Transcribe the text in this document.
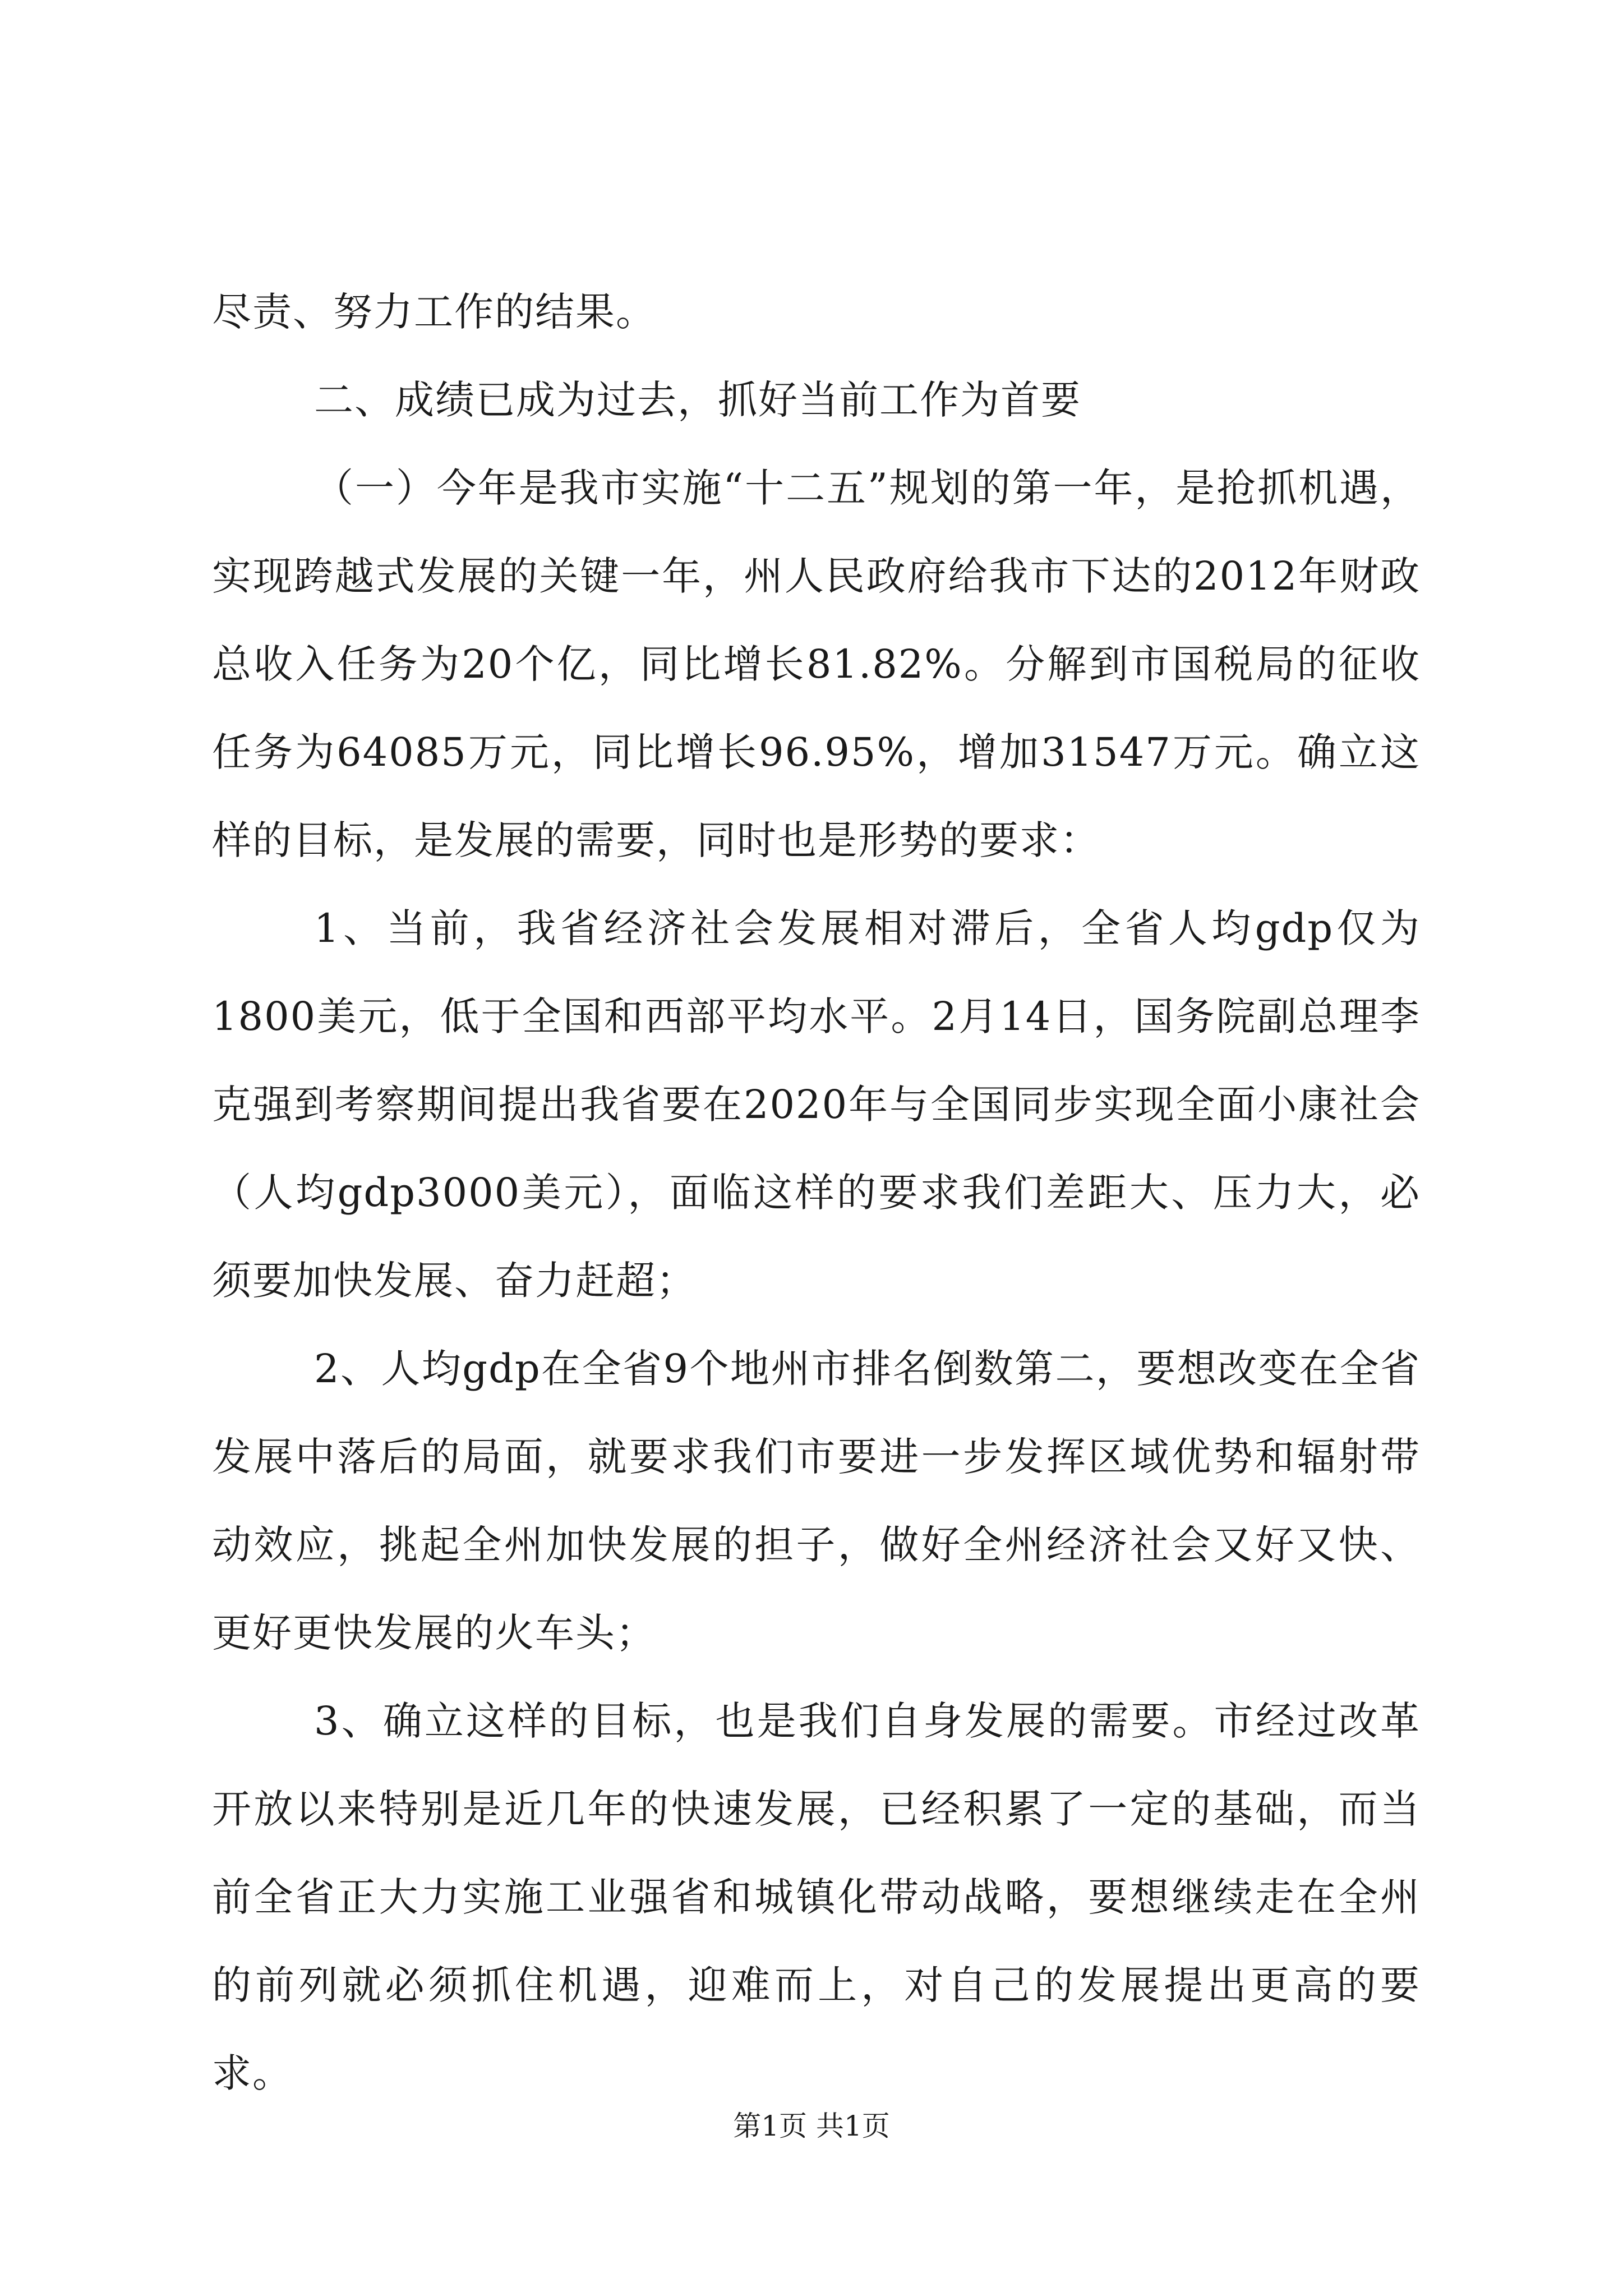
尽责、努力工作的结果。

二、成绩已成为过去，抓好当前工作为首要

（一）今年是我市实施“十二五”规划的第一年，是抢抓机遇，实现跨越式发展的关键一年，州人民政府给我市下达的2012年财政总收入任务为20个亿，同比增长81.82%。分解到市国税局的征收任务为64085万元，同比增长96.95%，增加31547万元。确立这样的目标，是发展的需要，同时也是形势的要求：

1、当前，我省经济社会发展相对滞后，全省人均gdp仅为1800美元，低于全国和西部平均水平。2月14日，国务院副总理李克强到考察期间提出我省要在2020年与全国同步实现全面小康社会（人均gdp3000美元），面临这样的要求我们差距大、压力大，必须要加快发展、奋力赶超；

2、人均gdp在全省9个地州市排名倒数第二，要想改变在全省发展中落后的局面，就要求我们市要进一步发挥区域优势和辐射带动效应，挑起全州加快发展的担子，做好全州经济社会又好又快、更好更快发展的火车头；

3、确立这样的目标，也是我们自身发展的需要。市经过改革开放以来特别是近几年的快速发展，已经积累了一定的基础，而当前全省正大力实施工业强省和城镇化带动战略，要想继续走在全州的前列就必须抓住机遇，迎难而上，对自己的发展提出更高的要求。

第1页 共1页
